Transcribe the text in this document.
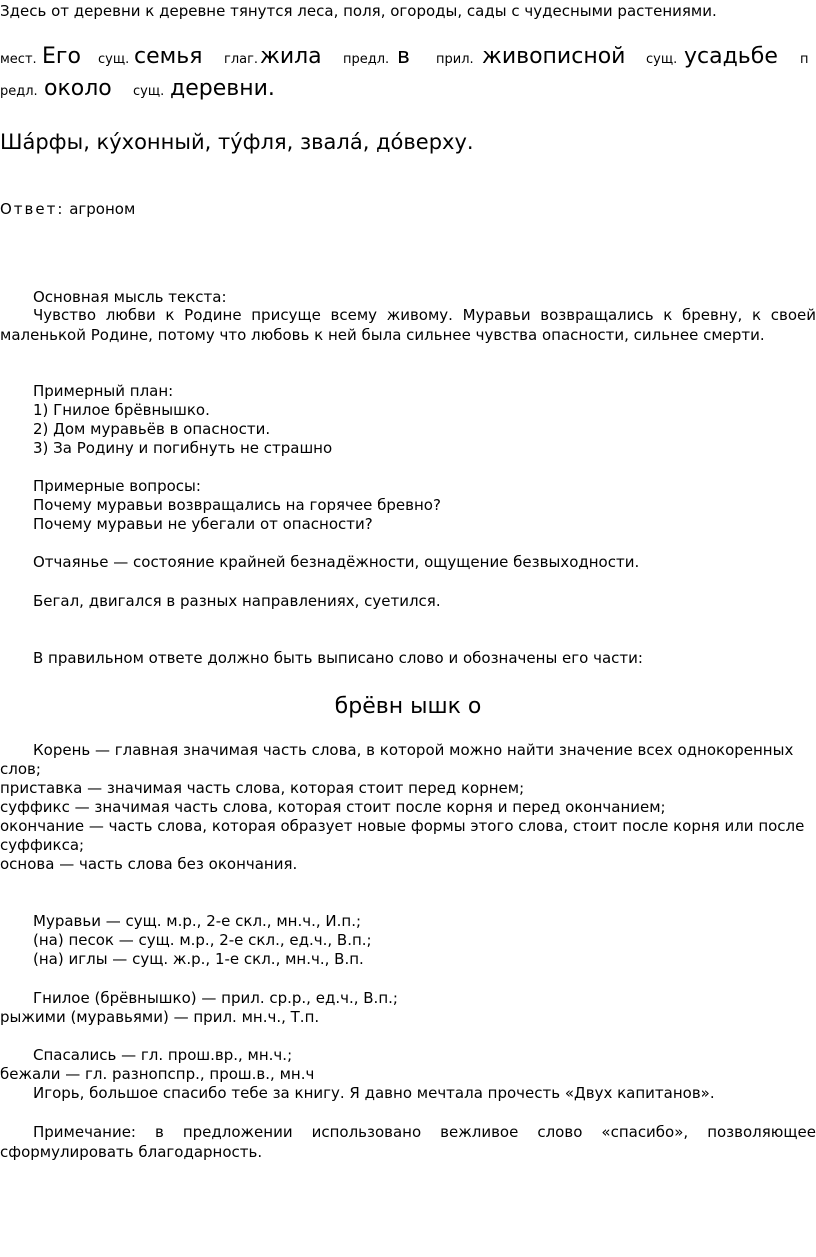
Здесь от деревни к деревне тянутся леса, поля, огороды, сады с чудесными растениями.
мест. Его сущ. семья глаг. жила предл. в прил. живописной сущ. усадьбе п
редл. около сущ. деревни.
Ша́рфы, ку́хонный, ту́фля, звала́, до́верху.
Ответ: агроном
Основная мысль текста:
Чувство любви к Родине присуще всему живому. Муравьи возвращались к бревну, к своей маленькой Родине, потому что любовь к ней была сильнее чувства опасности, сильнее смерти.
Примерный план:
1) Гнилое брёвнышко.
2) Дом муравьёв в опасности.
3) За Родину и погибнуть не страшно
Примерные вопросы:
Почему муравьи возвращались на горячее бревно?
Почему муравьи не убегали от опасности?
Отчаянье — состояние крайней безнадёжности, ощущение безвыходности.
Бегал, двигался в разных направлениях, суетился.
В правильном ответе должно быть выписано слово и обозначены его части:
брёвн ышк о
Корень — главная значимая часть слова, в которой можно найти значение всех однокоренных
слов;
приставка — значимая часть слова, которая стоит перед корнем;
суффикс — значимая часть слова, которая стоит после корня и перед окончанием;
окончание — часть слова, которая образует новые формы этого слова, стоит после корня или после
суффикса;
основа — часть слова без окончания.
Муравьи — сущ. м.р., 2-е скл., мн.ч., И.п.;
(на) песок — сущ. м.р., 2-е скл., ед.ч., В.п.;
(на) иглы — сущ. ж.р., 1-е скл., мн.ч., В.п.
Гнилое (брёвнышко) — прил. ср.р., ед.ч., В.п.;
рыжими (муравьями) — прил. мн.ч., Т.п.
Спасались — гл. прош.вр., мн.ч.;
бежали — гл. разнопспр., прош.в., мн.ч
Игорь, большое спасибо тебе за книгу. Я давно мечтала прочесть «Двух капитанов».
Примечание: в предложении использовано вежливое слово «спасибо», позволяющее сформулировать благодарность.
